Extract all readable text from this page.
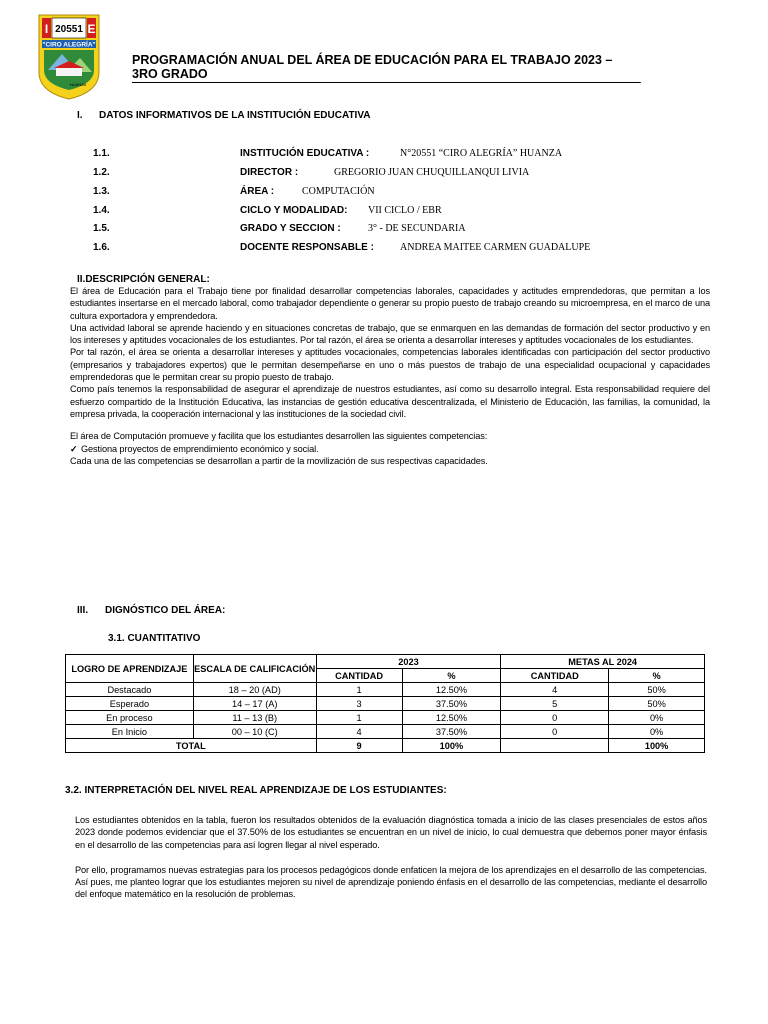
I 20551 E
"CIRO ALEGRÍA"
HUANZA
PROGRAMACIÓN ANUAL DEL ÁREA DE EDUCACIÓN PARA EL TRABAJO 2023 – 3RO GRADO
I. DATOS INFORMATIVOS DE LA INSTITUCIÓN EDUCATIVA
1.1.	INSTITUCIÓN EDUCATIVA :	N°20551 “CIRO ALEGRÍA” HUANZA
1.2.	DIRECTOR :	GREGORIO JUAN CHUQUILLANQUI LIVIA
1.3.	ÁREA :	COMPUTACIÓN
1.4.	CICLO Y MODALIDAD: VII CICLO / EBR
1.5.	GRADO Y SECCION :	3° - DE SECUNDARIA
1.6.	DOCENTE RESPONSABLE :	ANDREA MAITEE CARMEN GUADALUPE
II.DESCRIPCIÓN GENERAL:
El área de Educación para el Trabajo tiene por finalidad desarrollar competencias laborales, capacidades y actitudes emprendedoras, que permitan a los estudiantes insertarse en el mercado laboral, como trabajador dependiente o generar su propio puesto de trabajo creando su microempresa, en el marco de una cultura exportadora y emprendedora.
Una actividad laboral se aprende haciendo y en situaciones concretas de trabajo, que se enmarquen en las demandas de formación del sector productivo y en los intereses y aptitudes vocacionales de los estudiantes. Por tal razón, el área se orienta a desarrollar intereses y aptitudes vocacionales de los estudiantes.
Por tal razón, el área se orienta a desarrollar intereses y aptitudes vocacionales, competencias laborales identificadas con participación del sector productivo (empresarios y trabajadores expertos) que le permitan desempeñarse en uno o más puestos de trabajo de una especialidad ocupacional y capacidades emprendedoras que le permitan crear su propio puesto de trabajo.
Como país tenemos la responsabilidad de asegurar el aprendizaje de nuestros estudiantes, así como su desarrollo integral. Esta responsabilidad requiere del esfuerzo compartido de la Institución Educativa, las instancias de gestión educativa descentralizada, el Ministerio de Educación, las familias, la comunidad, la empresa privada, la cooperación internacional y las instituciones de la sociedad civil.
El área de Computación promueve y facilita que los estudiantes desarrollen las siguientes competencias:
✓ Gestiona proyectos de emprendimiento económico y social.
Cada una de las competencias se desarrollan a partir de la movilización de sus respectivas capacidades.
III. DIGNÓSTICO DEL ÁREA:
3.1. CUANTITATIVO
LOGRO DE APRENDIZAJE	ESCALA DE CALIFICACIÓN	2023		METAS AL 2024	
		CANTIDAD	%	CANTIDAD	%
Destacado	18 – 20 (AD)	1	12.50%	4	50%
Esperado	14 – 17 (A)	3	37.50%	5	50%
En proceso	11 – 13 (B)	1	12.50%	0	0%
En Inicio	00 – 10 (C)	4	37.50%	0	0%
TOTAL		9	100%		100%
3.2. INTERPRETACIÓN DEL NIVEL REAL APRENDIZAJE DE LOS ESTUDIANTES:
Los estudiantes obtenidos en la tabla, fueron los resultados obtenidos de la evaluación diagnóstica tomada a inicio de las clases presenciales de estos años 2023 donde podemos evidenciar que el 37.50% de los estudiantes se encuentran en un nivel de inicio, lo cual demuestra que debemos poner mayor énfasis en el desarrollo de las competencias para así logren llegar al nivel esperado.
Por ello, programamos nuevas estrategias para los procesos pedagógicos donde enfaticen la mejora de los aprendizajes en el desarrollo de las competencias. Así pues, me planteo lograr que los estudiantes mejoren su nivel de aprendizaje poniendo énfasis en el desarrollo de las competencias, mediante el desarrollo del enfoque matemático en la resolución de problemas.
